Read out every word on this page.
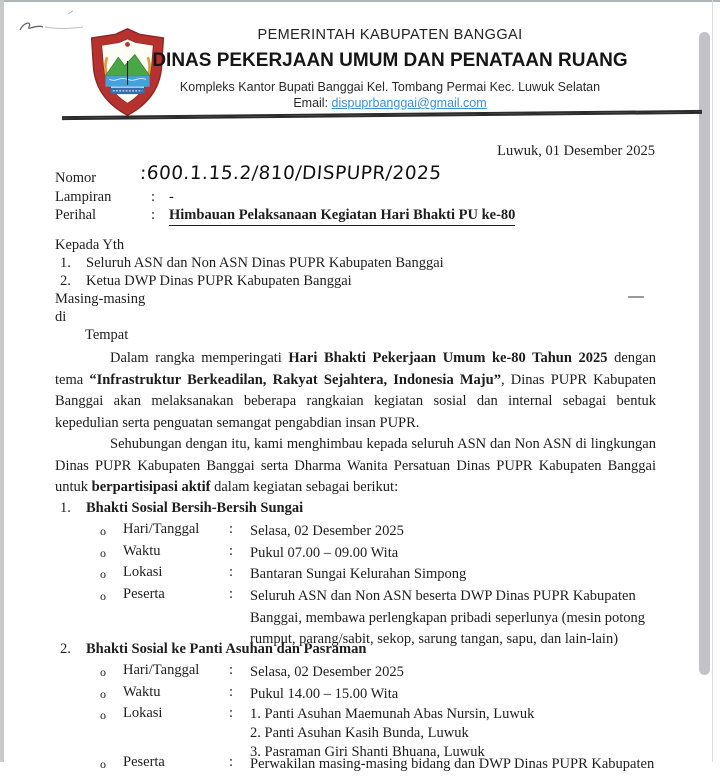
PEMERINTAH KABUPATEN BANGGAI
DINAS PEKERJAAN UMUM DAN PENATAAN RUANG
Kompleks Kantor Bupati Banggai Kel. Tombang Permai Kec. Luwuk Selatan
Email: dispuprbanggai@gmail.com
Luwuk, 01 Desember 2025
Nomor :600.1.15.2/810/DISPUPR/2025
Lampiran	: -
Perihal	: Himbauan Pelaksanaan Kegiatan Hari Bhakti PU ke-80
Kepada Yth
1. Seluruh ASN dan Non ASN Dinas PUPR Kabupaten Banggai
2. Ketua DWP Dinas PUPR Kabupaten Banggai
Masing-masing
di
Tempat
Dalam rangka memperingati Hari Bhakti Pekerjaan Umum ke-80 Tahun 2025 dengan tema “Infrastruktur Berkeadilan, Rakyat Sejahtera, Indonesia Maju”, Dinas PUPR Kabupaten Banggai akan melaksanakan beberapa rangkaian kegiatan sosial dan internal sebagai bentuk kepedulian serta penguatan semangat pengabdian insan PUPR.
Sehubungan dengan itu, kami menghimbau kepada seluruh ASN dan Non ASN di lingkungan Dinas PUPR Kabupaten Banggai serta Dharma Wanita Persatuan Dinas PUPR Kabupaten Banggai untuk berpartisipasi aktif dalam kegiatan sebagai berikut:
1. Bhakti Sosial Bersih-Bersih Sungai
o Hari/Tanggal : Selasa, 02 Desember 2025
o Waktu	: Pukul 07.00 – 09.00 Wita
o Lokasi	: Bantaran Sungai Kelurahan Simpong
o Peserta	: Seluruh ASN dan Non ASN beserta DWP Dinas PUPR Kabupaten Banggai, membawa perlengkapan pribadi seperlunya (mesin potong rumput, parang/sabit, sekop, sarung tangan, sapu, dan lain-lain)
2. Bhakti Sosial ke Panti Asuhan dan Pasraman
o Hari/Tanggal : Selasa, 02 Desember 2025
o Waktu	: Pukul 14.00 – 15.00 Wita
o Lokasi	: 1. Panti Asuhan Maemunah Abas Nursin, Luwuk
2. Panti Asuhan Kasih Bunda, Luwuk
3. Pasraman Giri Shanti Bhuana, Luwuk
o Peserta	: Perwakilan masing-masing bidang dan DWP Dinas PUPR Kabupaten
